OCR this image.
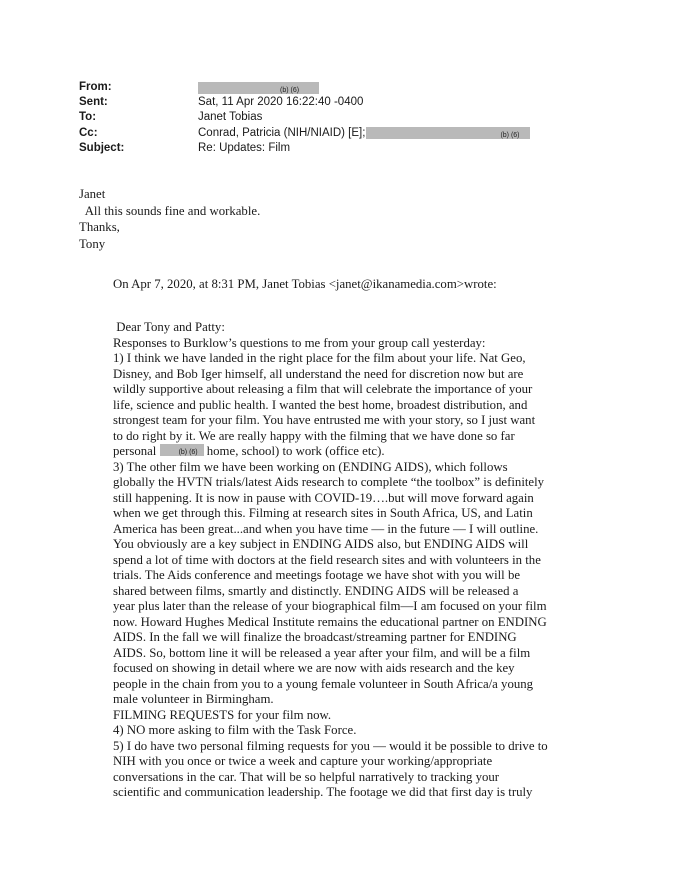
From:	(b) (6)
Sent:	Sat, 11 Apr 2020 16:22:40 -0400
To:	Janet Tobias
Cc:	Conrad, Patricia (NIH/NIAID) [E];	(b) (6)
Subject:	Re: Updates: Film
Janet
All this sounds fine and workable.
Thanks,
Tony
On Apr 7, 2020, at 8:31 PM, Janet Tobias <janet@ikanamedia.com>wrote:
Dear Tony and Patty:
Responses to Burklow’s questions to me from your group call yesterday:
1) I think we have landed in the right place for the film about your life. Nat Geo,
Disney, and Bob Iger himself, all understand the need for discretion now but are
wildly supportive about releasing a film that will celebrate the importance of your
life, science and public health. I wanted the best home, broadest distribution, and
strongest team for your film. You have entrusted me with your story, so I just want
to do right by it. We are really happy with the filming that we have done so far
personal	(b) (6) home, school) to work (office etc).
3) The other film we have been working on (ENDING AIDS), which follows
globally the HVTN trials/latest Aids research to complete “the toolbox” is definitely
still happening. It is now in pause with COVID-19….but will move forward again
when we get through this. Filming at research sites in South Africa, US, and Latin
America has been great...and when you have time — in the future — I will outline.
You obviously are a key subject in ENDING AIDS also, but ENDING AIDS will
spend a lot of time with doctors at the field research sites and with volunteers in the
trials. The Aids conference and meetings footage we have shot with you will be
shared between films, smartly and distinctly. ENDING AIDS will be released a
year plus later than the release of your biographical film—I am focused on your film
now. Howard Hughes Medical Institute remains the educational partner on ENDING
AIDS. In the fall we will finalize the broadcast/streaming partner for ENDING
AIDS. So, bottom line it will be released a year after your film, and will be a film
focused on showing in detail where we are now with aids research and the key
people in the chain from you to a young female volunteer in South Africa/a young
male volunteer in Birmingham.
FILMING REQUESTS for your film now.
4) NO more asking to film with the Task Force.
5) I do have two personal filming requests for you — would it be possible to drive to
NIH with you once or twice a week and capture your working/appropriate
conversations in the car. That will be so helpful narratively to tracking your
scientific and communication leadership. The footage we did that first day is truly
